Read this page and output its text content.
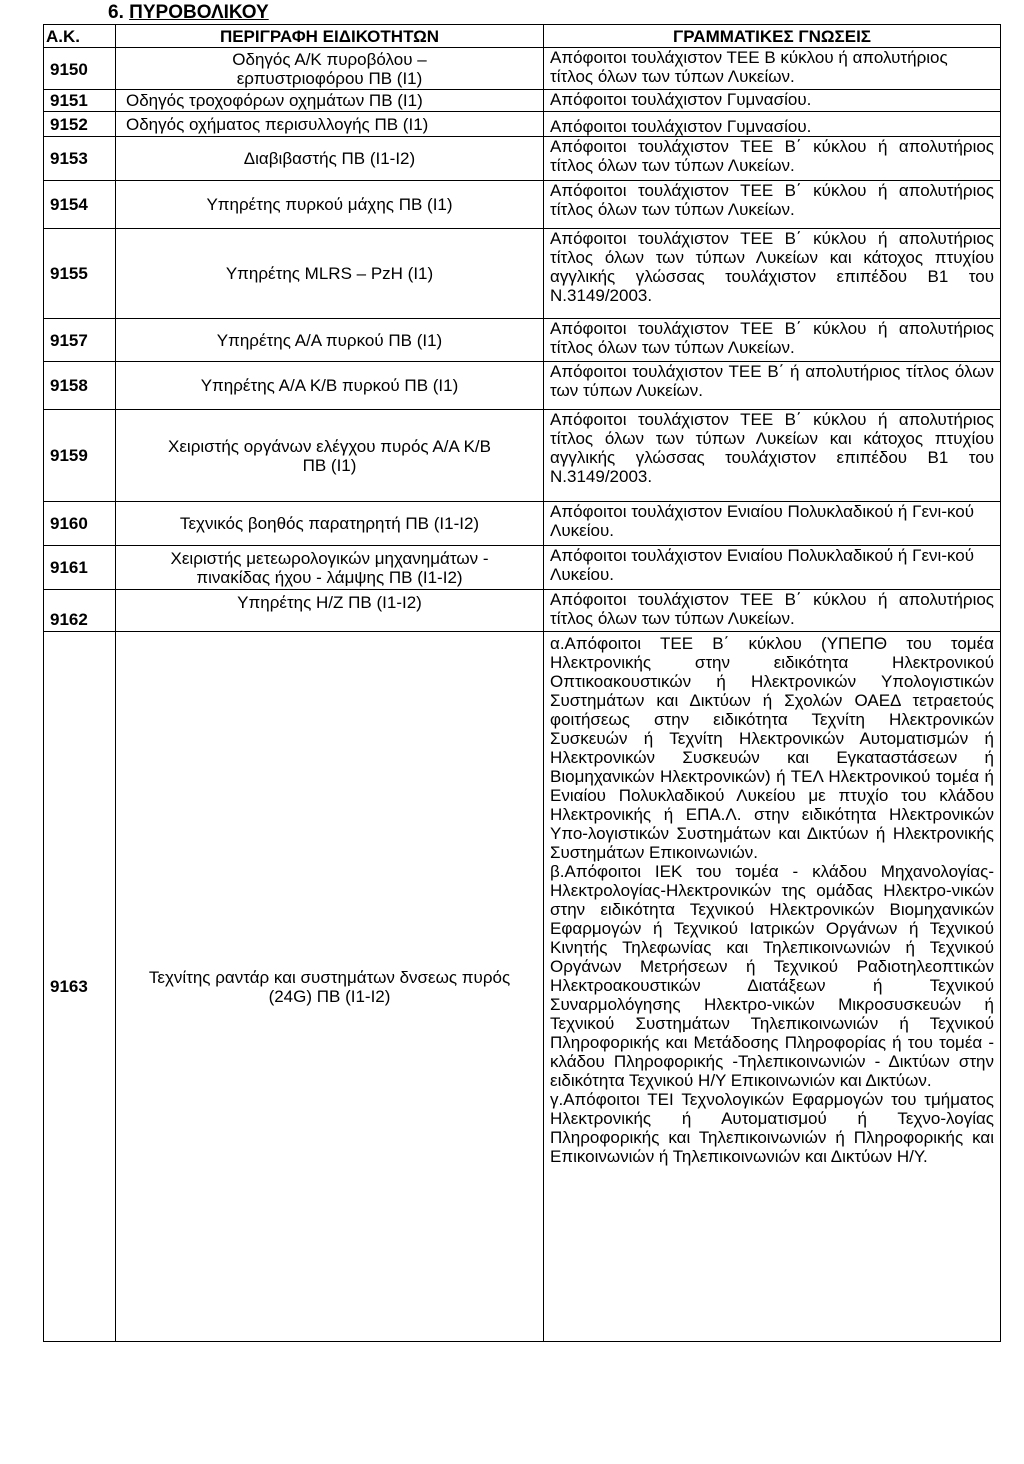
6. ΠΥΡΟΒΟΛΙΚΟΥ
Α.Κ.	ΠΕΡΙΓΡΑΦΗ ΕΙΔΙΚΟΤΗΤΩΝ	ΓΡΑΜΜΑΤΙΚΕΣ ΓΝΩΣΕΙΣ
9150	Οδηγός Α/Κ πυροβόλου – ερπυστριοφόρου ΠΒ (Ι1)	Απόφοιτοι τουλάχιστον ΤΕΕ Β κύκλου ή απολυτήριος τίτλος όλων των τύπων Λυκείων.
9151	Οδηγός τροχοφόρων οχημάτων ΠΒ (Ι1)	Απόφοιτοι τουλάχιστον Γυμνασίου.
9152	Οδηγός οχήματος περισυλλογής ΠΒ (Ι1)	Απόφοιτοι τουλάχιστον Γυμνασίου.
9153	Διαβιβαστής ΠΒ (Ι1-Ι2)	Απόφοιτοι τουλάχιστον ΤΕΕ Β΄ κύκλου ή απολυτήριος τίτλος όλων των τύπων Λυκείων.
9154	Υπηρέτης πυρκού μάχης ΠΒ (Ι1)	Απόφοιτοι τουλάχιστον ΤΕΕ Β΄ κύκλου ή απολυτήριος τίτλος όλων των τύπων Λυκείων.
9155	Υπηρέτης MLRS – PzH (Ι1)	Απόφοιτοι τουλάχιστον ΤΕΕ Β΄ κύκλου ή απολυτήριος τίτλος όλων των τύπων Λυκείων και κάτοχος πτυχίου αγγλικής γλώσσας τουλάχιστον επιπέδου Β1 του Ν.3149/2003.
9157	Υπηρέτης Α/Α πυρκού ΠΒ (Ι1)	Απόφοιτοι τουλάχιστον ΤΕΕ Β΄ κύκλου ή απολυτήριος τίτλος όλων των τύπων Λυκείων.
9158	Υπηρέτης Α/Α Κ/Β πυρκού ΠΒ (Ι1)	Απόφοιτοι τουλάχιστον ΤΕΕ Β΄ ή απολυτήριος τίτλος όλων των τύπων Λυκείων.
9159	Χειριστής οργάνων ελέγχου πυρός Α/Α Κ/Β ΠΒ (Ι1)	Απόφοιτοι τουλάχιστον ΤΕΕ Β΄ κύκλου ή απολυτήριος τίτλος όλων των τύπων Λυκείων και κάτοχος πτυχίου αγγλικής γλώσσας τουλάχιστον επιπέδου Β1 του Ν.3149/2003.
9160	Τεχνικός βοηθός παρατηρητή ΠΒ (Ι1-Ι2)	Απόφοιτοι τουλάχιστον Ενιαίου Πολυκλαδικού ή Γενι-κού Λυκείου.
9161	Χειριστής μετεωρολογικών μηχανημάτων - πινακίδας ήχου - λάμψης ΠΒ (Ι1-Ι2)	Απόφοιτοι τουλάχιστον Ενιαίου Πολυκλαδικού ή Γενι-κού Λυκείου.
9162	Υπηρέτης Η/Ζ ΠΒ (Ι1-Ι2)	Απόφοιτοι τουλάχιστον ΤΕΕ Β΄ κύκλου ή απολυτήριος τίτλος όλων των τύπων Λυκείων.
9163	Τεχνίτης ραντάρ και συστημάτων δνσεως πυρός (24G) ΠΒ (Ι1-Ι2)	α.Απόφοιτοι ΤΕΕ Β΄ κύκλου (ΥΠΕΠΘ του τομέα Ηλεκτρονικής στην ειδικότητα Ηλεκτρονικού Οπτικοακουστικών ή Ηλεκτρονικών Υπολογιστικών Συστημάτων και Δικτύων ή Σχολών ΟΑΕΔ τετραετούς φοιτήσεως στην ειδικότητα Τεχνίτη Ηλεκτρονικών Συσκευών ή Τεχνίτη Ηλεκτρονικών Αυτοματισμών ή Ηλεκτρονικών Συσκευών και Εγκαταστάσεων ή Βιομηχανικών Ηλεκτρονικών) ή ΤΕΛ Ηλεκτρονικού τομέα ή Ενιαίου Πολυκλαδικού Λυκείου με πτυχίο του κλάδου Ηλεκτρονικής ή ΕΠΑ.Λ. στην ειδικότητα Ηλεκτρονικών Υπο-λογιστικών Συστημάτων και Δικτύων ή Ηλεκτρονικής Συστημάτων Επικοινωνιών.

β.Απόφοιτοι ΙΕΚ του τομέα - κλάδου Μηχανολογίας-Ηλεκτρολογίας-Ηλεκτρονικών της ομάδας Ηλεκτρο-νικών στην ειδικότητα Τεχνικού Ηλεκτρονικών Βιομηχανικών Εφαρμογών ή Τεχνικού Ιατρικών Οργάνων ή Τεχνικού Κινητής Τηλεφωνίας και Τηλεπικοινωνιών ή Τεχνικού Οργάνων Μετρήσεων ή Τεχνικού Ραδιοτηλεοπτικών Ηλεκτροακουστικών Διατάξεων ή Τεχνικού Συναρμολόγησης Ηλεκτρο-νικών Μικροσυσκευών ή Τεχνικού Συστημάτων Τηλεπικοινωνιών ή Τεχνικού Πληροφορικής και Μετάδοσης Πληροφορίας ή του τομέα - κλάδου Πληροφορικής -Τηλεπικοινωνιών - Δικτύων στην ειδικότητα Τεχνικού Η/Υ Επικοινωνιών και Δικτύων.

γ.Απόφοιτοι ΤΕΙ Τεχνολογικών Εφαρμογών του τμήματος Ηλεκτρονικής ή Αυτοματισμού ή Τεχνο-λογίας Πληροφορικής και Τηλεπικοινωνιών ή Πληροφορικής και Επικοινωνιών ή Τηλεπικοινωνιών και Δικτύων Η/Υ.
